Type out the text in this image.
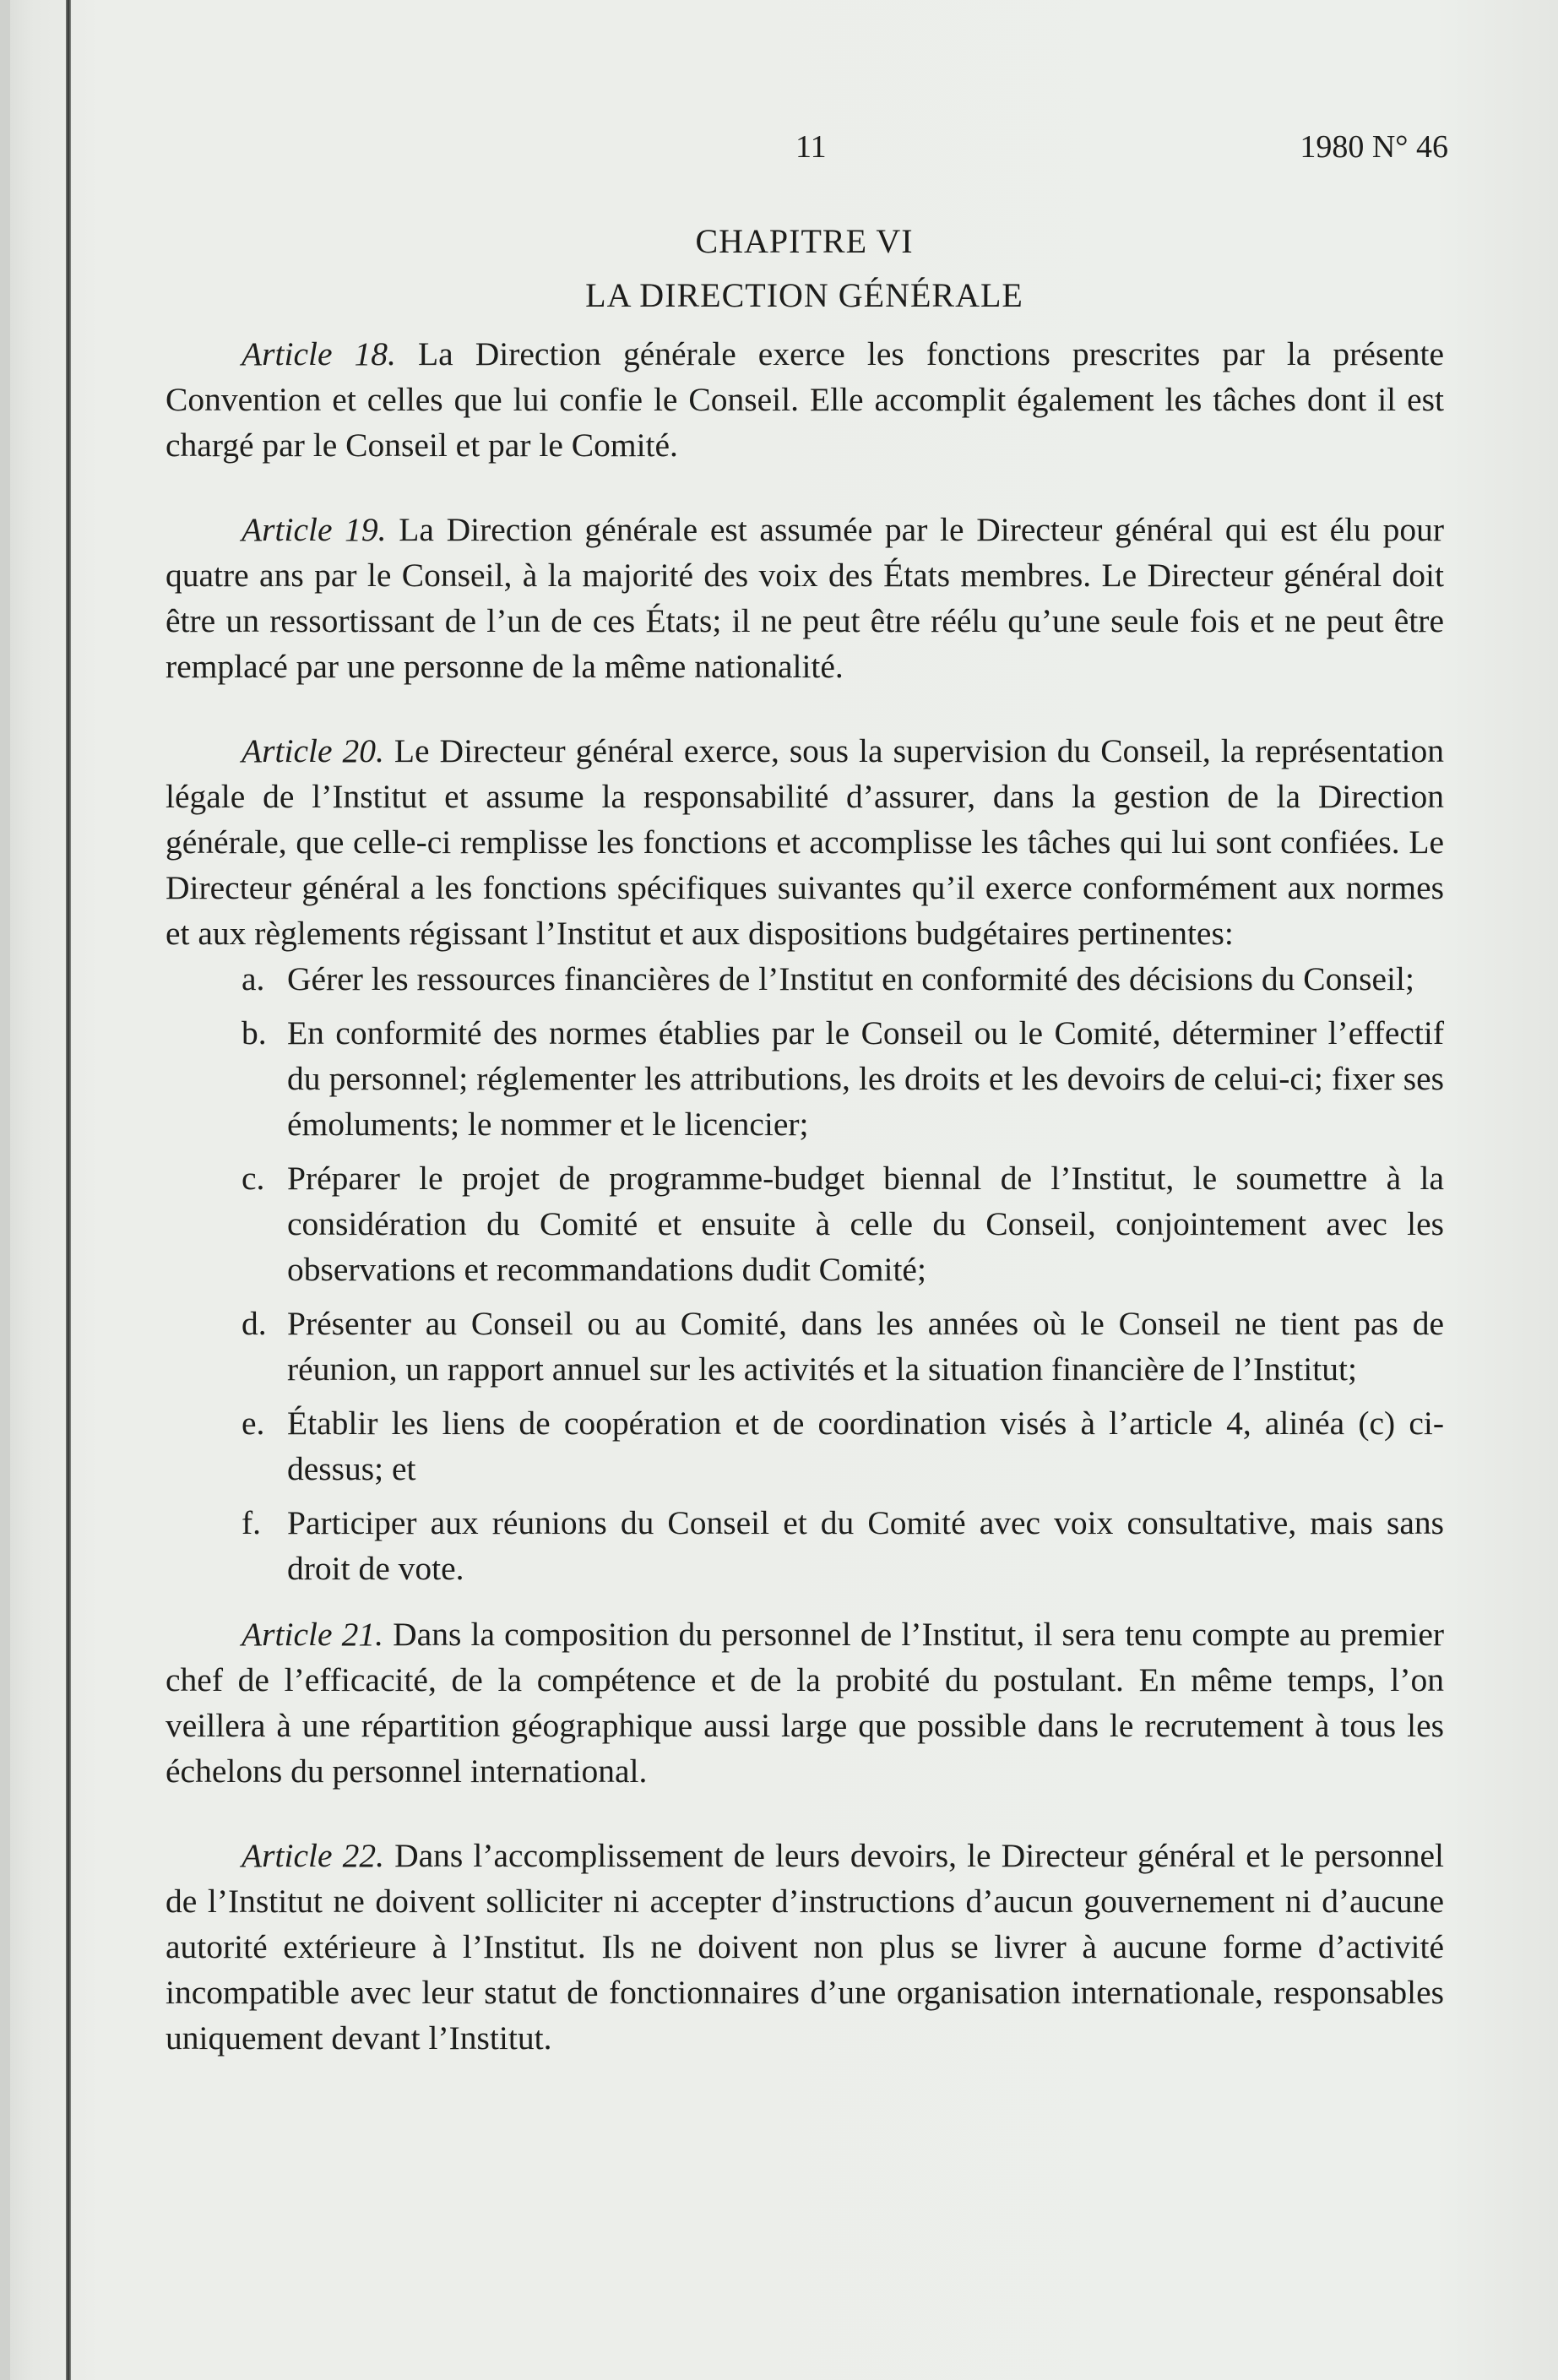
11	1980 N° 46
CHAPITRE VI
LA DIRECTION GÉNÉRALE

Article 18. La Direction générale exerce les fonctions prescrites par la présente Convention et celles que lui confie le Conseil. Elle accomplit également les tâches dont il est chargé par le Conseil et par le Comité.

Article 19. La Direction générale est assumée par le Directeur général qui est élu pour quatre ans par le Conseil, à la majorité des voix des États membres. Le Directeur général doit être un ressortissant de l’un de ces États; il ne peut être réélu qu’une seule fois et ne peut être remplacé par une personne de la même nationalité.

Article 20. Le Directeur général exerce, sous la supervision du Conseil, la représentation légale de l’Institut et assume la responsabilité d’assurer, dans la gestion de la Direction générale, que celle-ci remplisse les fonctions et accomplisse les tâches qui lui sont confiées. Le Directeur général a les fonctions spécifiques suivantes qu’il exerce conformément aux normes et aux règlements régissant l’Institut et aux dispositions budgétaires pertinentes:

a. Gérer les ressources financières de l’Institut en conformité des décisions du Conseil;
b. En conformité des normes établies par le Conseil ou le Comité, déterminer l’effectif du personnel; réglementer les attributions, les droits et les devoirs de celui-ci; fixer ses émoluments; le nommer et le licencier;
c. Préparer le projet de programme-budget biennal de l’Institut, le soumettre à la considération du Comité et ensuite à celle du Conseil, conjointement avec les observations et recommandations dudit Comité;
d. Présenter au Conseil ou au Comité, dans les années où le Conseil ne tient pas de réunion, un rapport annuel sur les activités et la situation financière de l’Institut;
e. Établir les liens de coopération et de coordination visés à l’article 4, alinéa (c) ci-dessus; et
f. Participer aux réunions du Conseil et du Comité avec voix consultative, mais sans droit de vote.

Article 21. Dans la composition du personnel de l’Institut, il sera tenu compte au premier chef de l’efficacité, de la compétence et de la probité du postulant. En même temps, l’on veillera à une répartition géographique aussi large que possible dans le recrutement à tous les échelons du personnel international.

Article 22. Dans l’accomplissement de leurs devoirs, le Directeur général et le personnel de l’Institut ne doivent solliciter ni accepter d’instructions d’aucun gouvernement ni d’aucune autorité extérieure à l’Institut. Ils ne doivent non plus se livrer à aucune forme d’activité incompatible avec leur statut de fonctionnaires d’une organisation internationale, responsables uniquement devant l’Institut.
